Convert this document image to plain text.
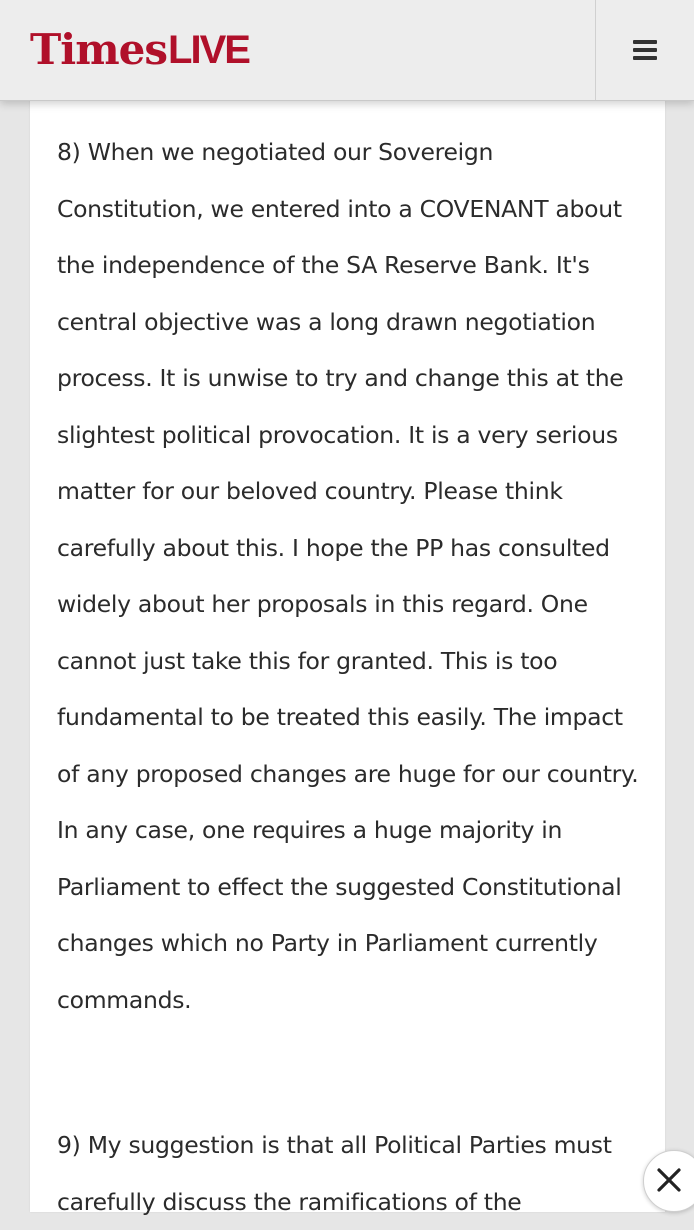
Times LIVE

8) When we negotiated our Sovereign Constitution, we entered into a COVENANT about the independence of the SA Reserve Bank. It's central objective was a long drawn negotiation process. It is unwise to try and change this at the slightest political provocation. It is a very serious matter for our beloved country. Please think carefully about this. I hope the PP has consulted widely about her proposals in this regard. One cannot just take this for granted. This is too fundamental to be treated this easily. The impact of any proposed changes are huge for our country. In any case, one requires a huge majority in Parliament to effect the suggested Constitutional changes which no Party in Parliament currently commands.

9) My suggestion is that all Political Parties must carefully discuss the ramifications of the
